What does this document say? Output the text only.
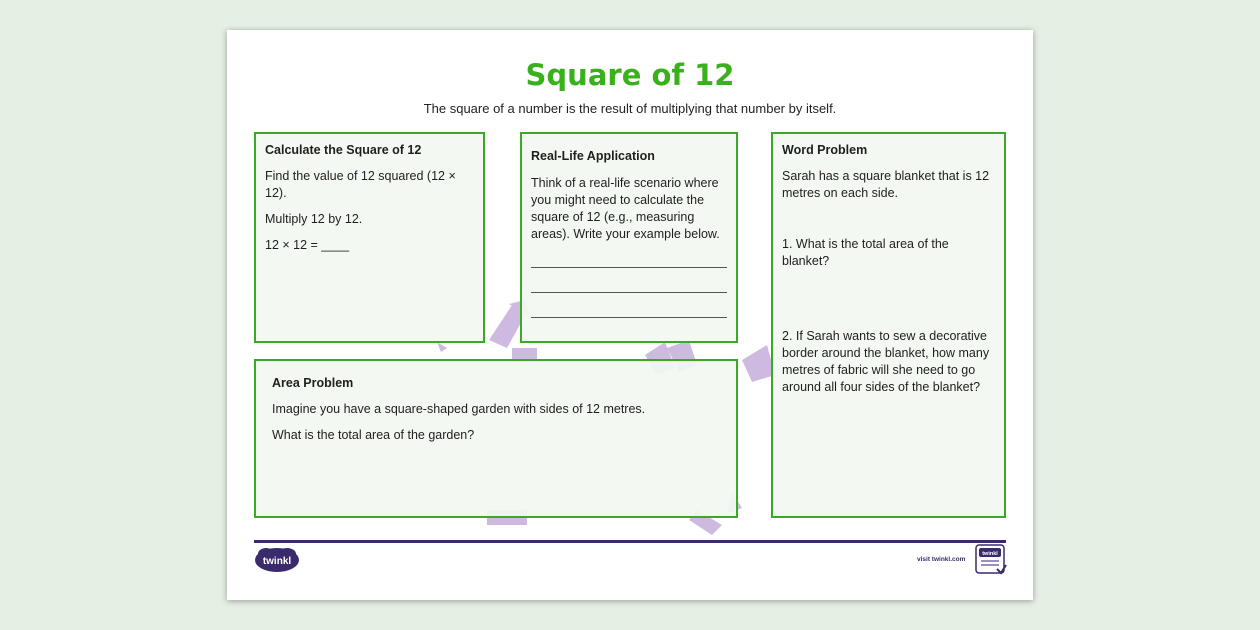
Square of 12

The square of a number is the result of multiplying that number by itself.

Calculate the Square of 12

Find the value of 12 squared (12 × 12).

Multiply 12 by 12.

12 × 12 = ____

Real-Life Application

Think of a real-life scenario where you might need to calculate the square of 12 (e.g., measuring areas). Write your example below.

Word Problem

Sarah has a square blanket that is 12 metres on each side.

1. What is the total area of the blanket?

2. If Sarah wants to sew a decorative border around the blanket, how many metres of fabric will she need to go around all four sides of the blanket?

Area Problem

Imagine you have a square-shaped garden with sides of 12 metres.

What is the total area of the garden?

twinkl	visit twinkl.com
twinkl
